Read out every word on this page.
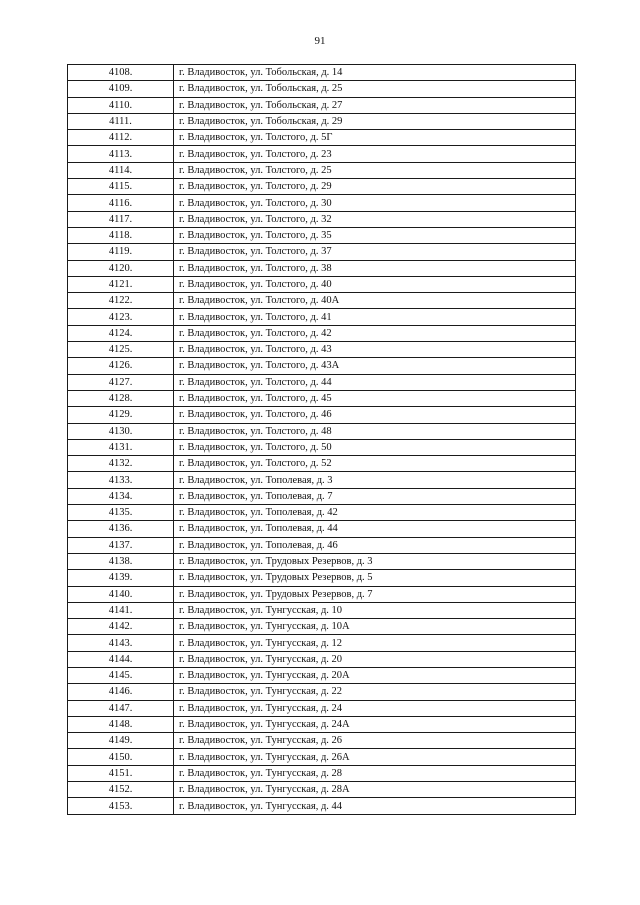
91
4108.	г. Владивосток, ул. Тобольская, д. 14
4109.	г. Владивосток, ул. Тобольская, д. 25
4110.	г. Владивосток, ул. Тобольская, д. 27
4111.	г. Владивосток, ул. Тобольская, д. 29
4112.	г. Владивосток, ул. Толстого, д. 5Г
4113.	г. Владивосток, ул. Толстого, д. 23
4114.	г. Владивосток, ул. Толстого, д. 25
4115.	г. Владивосток, ул. Толстого, д. 29
4116.	г. Владивосток, ул. Толстого, д. 30
4117.	г. Владивосток, ул. Толстого, д. 32
4118.	г. Владивосток, ул. Толстого, д. 35
4119.	г. Владивосток, ул. Толстого, д. 37
4120.	г. Владивосток, ул. Толстого, д. 38
4121.	г. Владивосток, ул. Толстого, д. 40
4122.	г. Владивосток, ул. Толстого, д. 40А
4123.	г. Владивосток, ул. Толстого, д. 41
4124.	г. Владивосток, ул. Толстого, д. 42
4125.	г. Владивосток, ул. Толстого, д. 43
4126.	г. Владивосток, ул. Толстого, д. 43А
4127.	г. Владивосток, ул. Толстого, д. 44
4128.	г. Владивосток, ул. Толстого, д. 45
4129.	г. Владивосток, ул. Толстого, д. 46
4130.	г. Владивосток, ул. Толстого, д. 48
4131.	г. Владивосток, ул. Толстого, д. 50
4132.	г. Владивосток, ул. Толстого, д. 52
4133.	г. Владивосток, ул. Тополевая, д. 3
4134.	г. Владивосток, ул. Тополевая, д. 7
4135.	г. Владивосток, ул. Тополевая, д. 42
4136.	г. Владивосток, ул. Тополевая, д. 44
4137.	г. Владивосток, ул. Тополевая, д. 46
4138.	г. Владивосток, ул. Трудовых Резервов, д. 3
4139.	г. Владивосток, ул. Трудовых Резервов, д. 5
4140.	г. Владивосток, ул. Трудовых Резервов, д. 7
4141.	г. Владивосток, ул. Тунгусская, д. 10
4142.	г. Владивосток, ул. Тунгусская, д. 10А
4143.	г. Владивосток, ул. Тунгусская, д. 12
4144.	г. Владивосток, ул. Тунгусская, д. 20
4145.	г. Владивосток, ул. Тунгусская, д. 20А
4146.	г. Владивосток, ул. Тунгусская, д. 22
4147.	г. Владивосток, ул. Тунгусская, д. 24
4148.	г. Владивосток, ул. Тунгусская, д. 24А
4149.	г. Владивосток, ул. Тунгусская, д. 26
4150.	г. Владивосток, ул. Тунгусская, д. 26А
4151.	г. Владивосток, ул. Тунгусская, д. 28
4152.	г. Владивосток, ул. Тунгусская, д. 28А
4153.	г. Владивосток, ул. Тунгусская, д. 44
